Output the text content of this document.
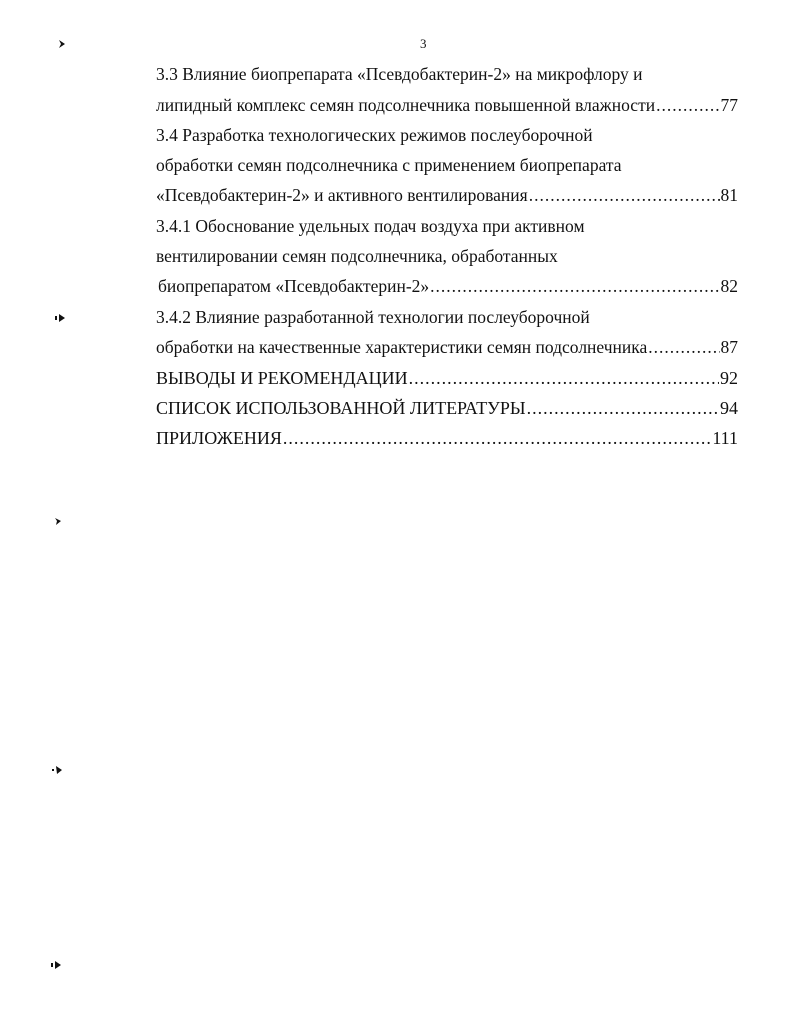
3
3.3 Влияние биопрепарата «Псевдобактерин-2» на микрофлору и
липидный комплекс семян подсолнечника повышенной влажности .....	77
3.4 Разработка технологических режимов послеуборочной
обработки семян подсолнечника с применением биопрепарата
«Псевдобактерин-2» и активного вентилирования .....	81
3.4.1 Обоснование удельных подач воздуха при активном
вентилировании семян подсолнечника, обработанных
биопрепаратом «Псевдобактерин-2» .....	82
3.4.2 Влияние разработанной технологии послеуборочной
обработки на качественные характеристики семян подсолнечника .....	87
ВЫВОДЫ И РЕКОМЕНДАЦИИ .....	92
СПИСОК ИСПОЛЬЗОВАННОЙ ЛИТЕРАТУРЫ .....	94
ПРИЛОЖЕНИЯ .....	111
